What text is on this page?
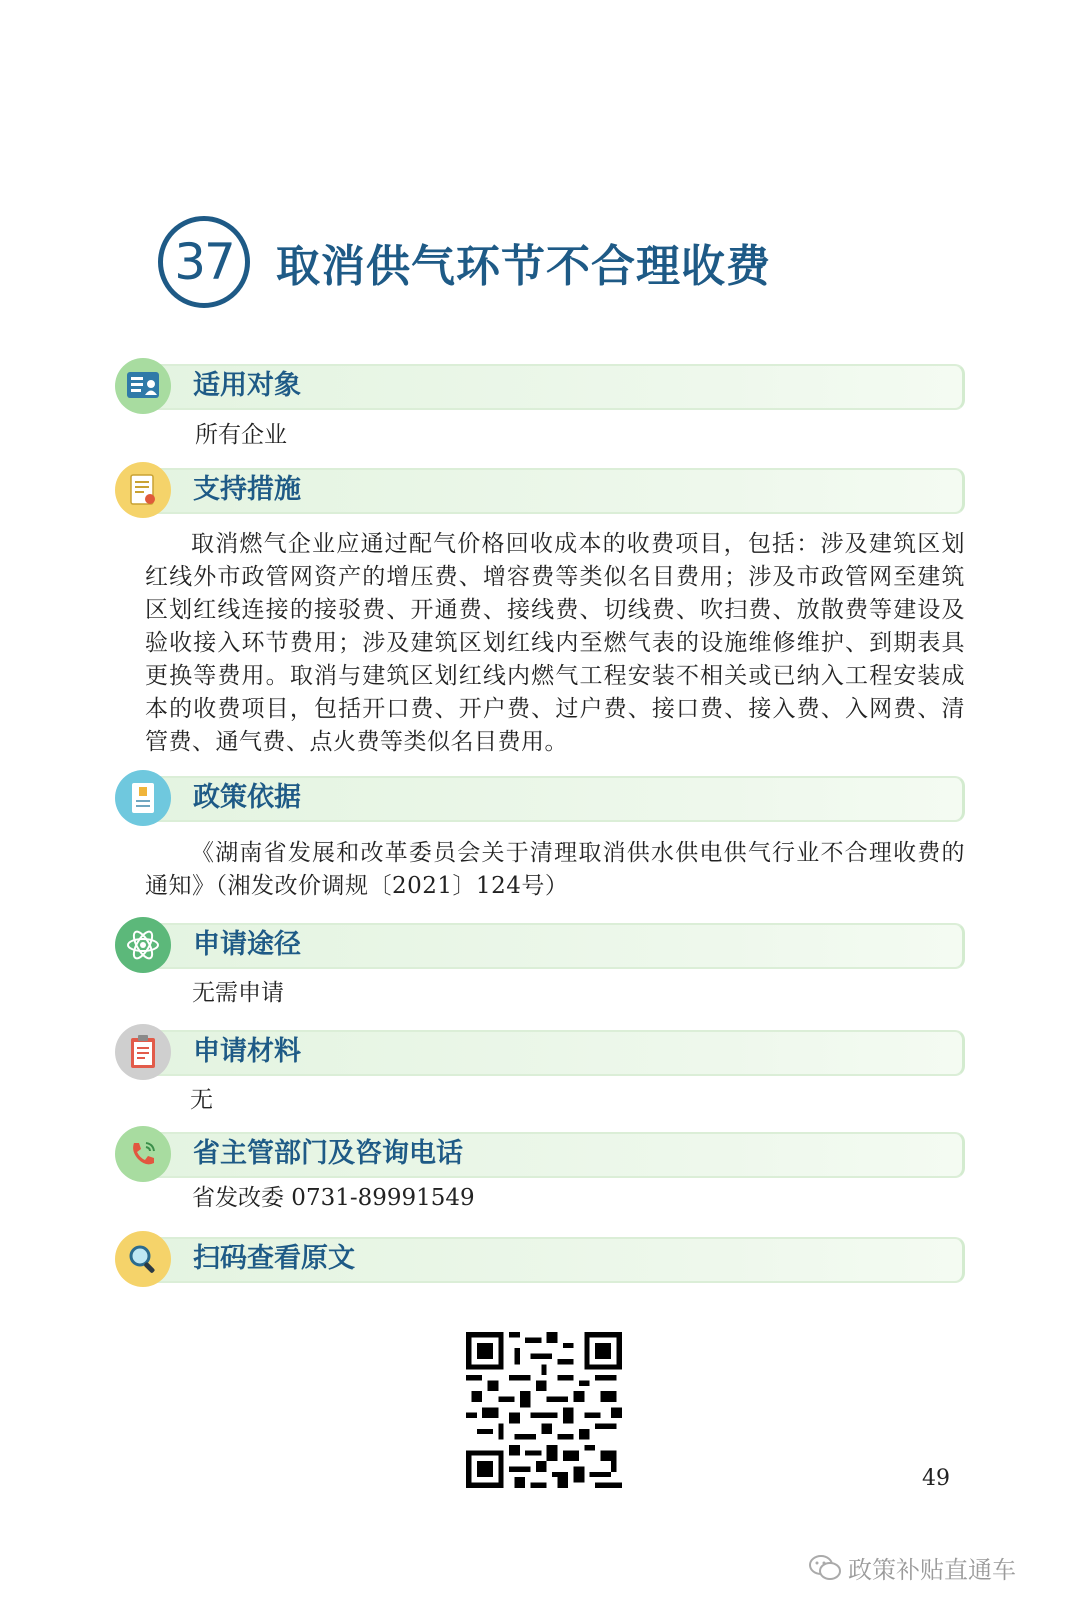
37 取消供气环节不合理收费
适用对象
所有企业
支持措施
取消燃气企业应通过配气价格回收成本的收费项目，包括：涉及建筑区划红线外市政管网资产的增压费、增容费等类似名目费用；涉及市政管网至建筑区划红线连接的接驳费、开通费、接线费、切线费、吹扫费、放散费等建设及验收接入环节费用；涉及建筑区划红线内至燃气表的设施维修维护、到期表具更换等费用。取消与建筑区划红线内燃气工程安装不相关或已纳入工程安装成本的收费项目，包括开口费、开户费、过户费、接口费、接入费、入网费、清管费、通气费、点火费等类似名目费用。
政策依据
《湖南省发展和改革委员会关于清理取消供水供电供气行业不合理收费的通知》（湘发改价调规〔2021〕124号）
申请途径
无需申请
申请材料
无
省主管部门及咨询电话
省发改委 0731-89991549
扫码查看原文
49
政策补贴直通车
